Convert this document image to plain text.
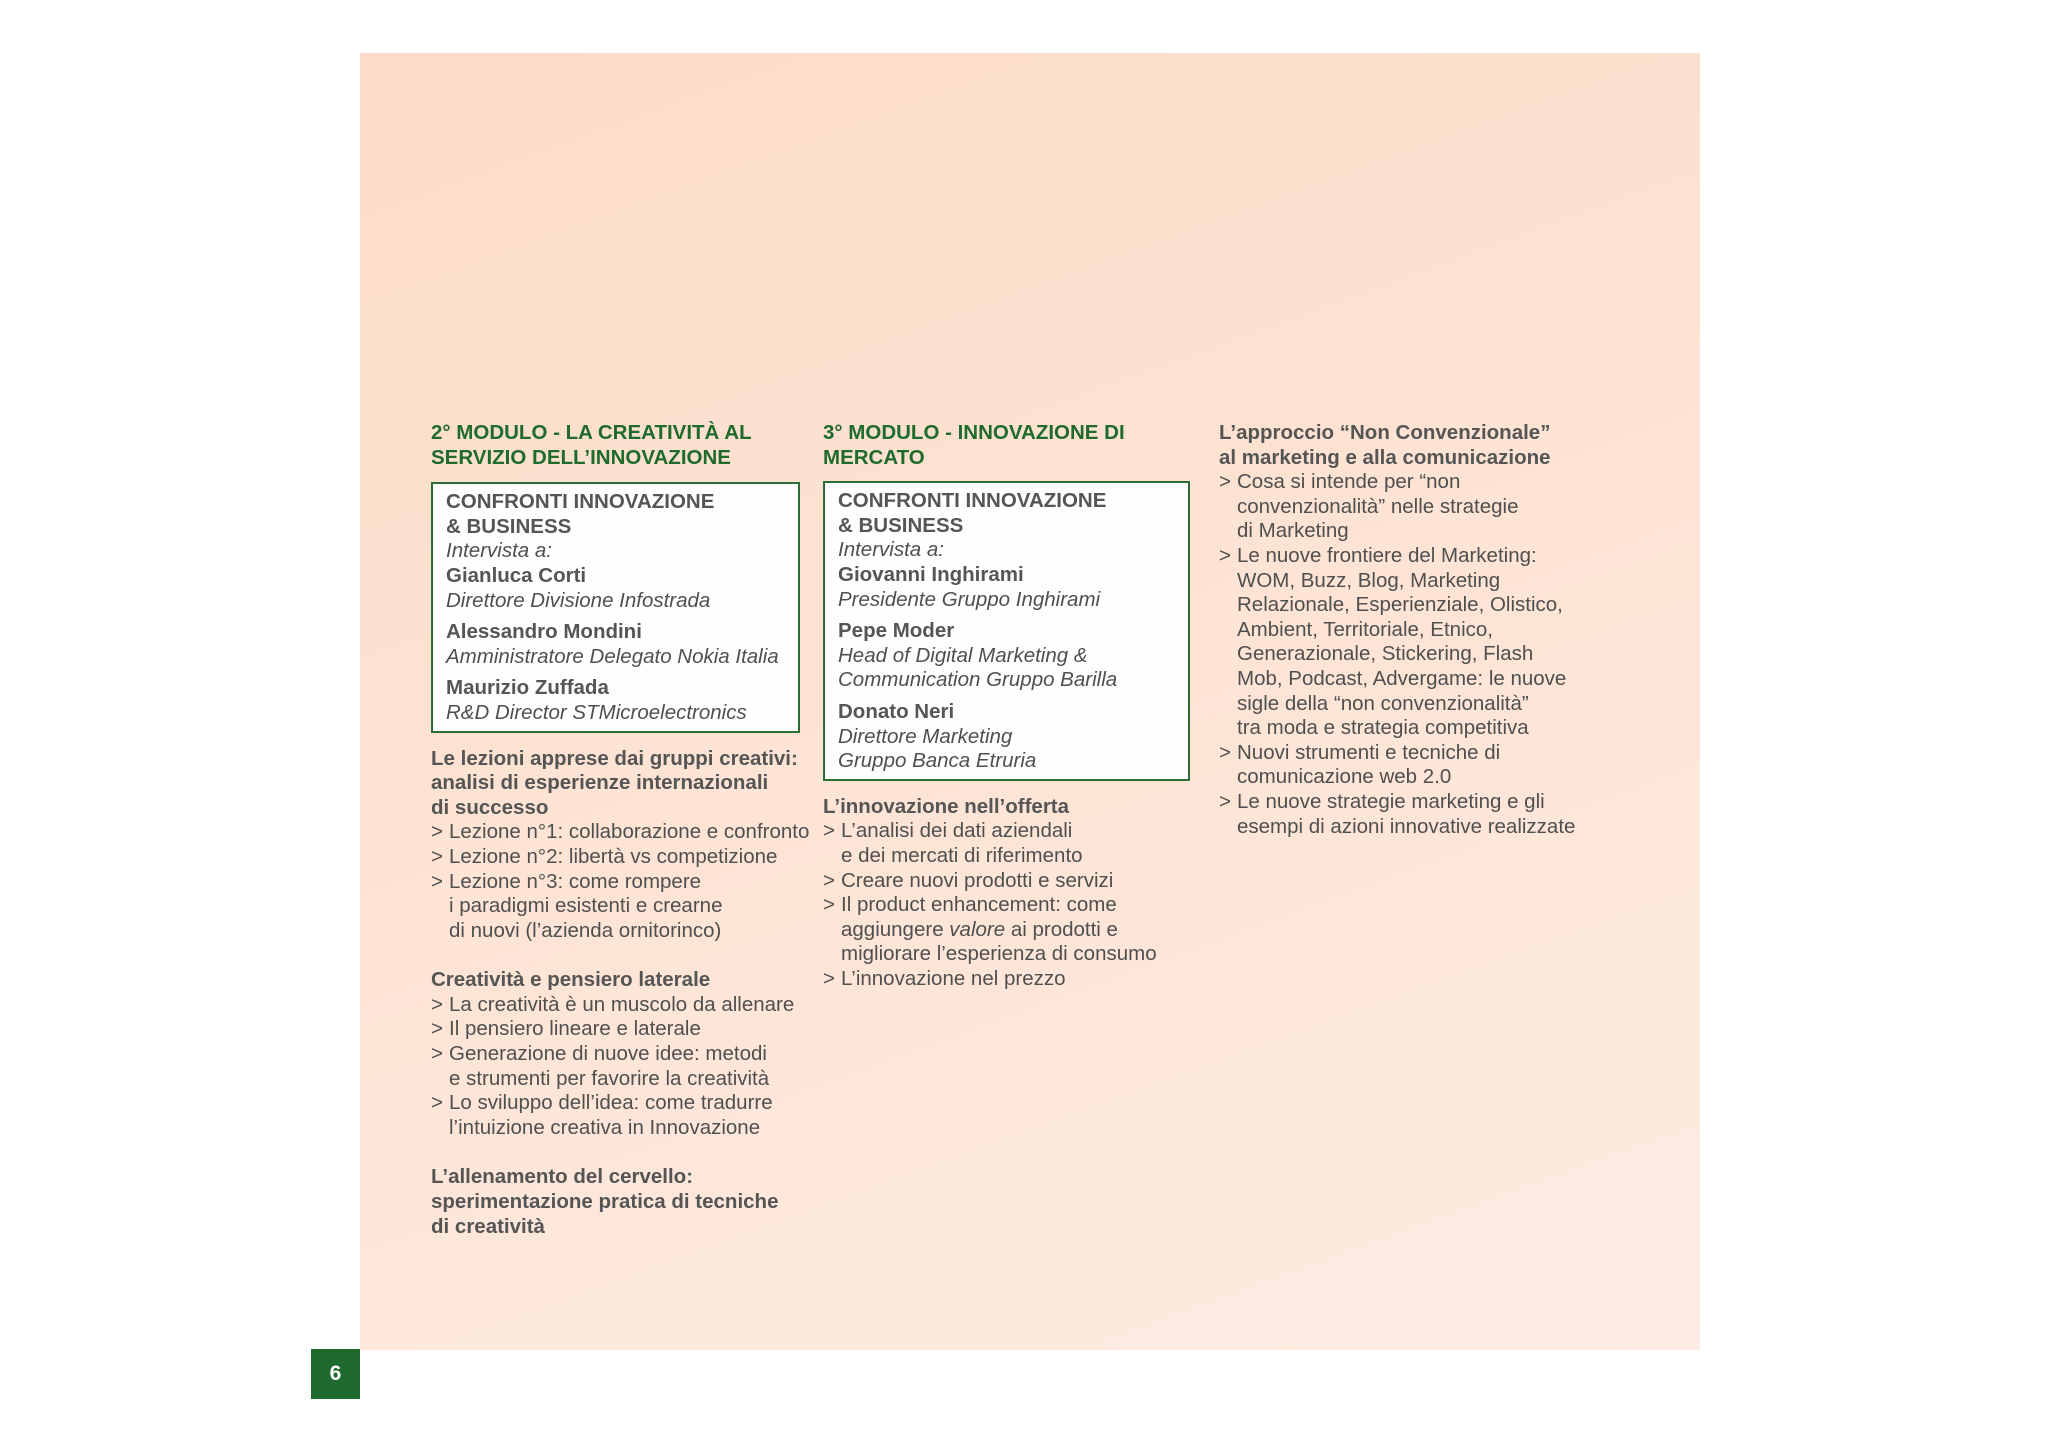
2° MODULO - LA CREATIVITÀ AL
SERVIZIO DELL’INNOVAZIONE
CONFRONTI INNOVAZIONE
& BUSINESS
Intervista a:
Gianluca Corti
Direttore Divisione Infostrada
Alessandro Mondini
Amministratore Delegato Nokia Italia
Maurizio Zuffada
R&D Director STMicroelectronics
Le lezioni apprese dai gruppi creativi:
analisi di esperienze internazionali
di successo
> Lezione n°1: collaborazione e confronto
> Lezione n°2: libertà vs competizione
> Lezione n°3: come rompere
i paradigmi esistenti e crearne
di nuovi (l’azienda ornitorinco)
Creatività e pensiero laterale
> La creatività è un muscolo da allenare
> Il pensiero lineare e laterale
> Generazione di nuove idee: metodi
e strumenti per favorire la creatività
> Lo sviluppo dell’idea: come tradurre
l’intuizione creativa in Innovazione
L’allenamento del cervello:
sperimentazione pratica di tecniche
di creatività
3° MODULO - INNOVAZIONE DI MERCATO
CONFRONTI INNOVAZIONE
& BUSINESS
Intervista a:
Giovanni Inghirami
Presidente Gruppo Inghirami
Pepe Moder
Head of Digital Marketing &
Communication Gruppo Barilla
Donato Neri
Direttore Marketing
Gruppo Banca Etruria
L’innovazione nell’offerta
> L’analisi dei dati aziendali
e dei mercati di riferimento
> Creare nuovi prodotti e servizi
> Il product enhancement: come
aggiungere valore ai prodotti e
migliorare l’esperienza di consumo
> L’innovazione nel prezzo
L’approccio “Non Convenzionale”
al marketing e alla comunicazione
> Cosa si intende per “non
convenzionalità” nelle strategie
di Marketing
> Le nuove frontiere del Marketing:
WOM, Buzz, Blog, Marketing
Relazionale, Esperienziale, Olistico,
Ambient, Territoriale, Etnico,
Generazionale, Stickering, Flash
Mob, Podcast, Advergame: le nuove
sigle della “non convenzionalità”
tra moda e strategia competitiva
> Nuovi strumenti e tecniche di
comunicazione web 2.0
> Le nuove strategie marketing e gli
esempi di azioni innovative realizzate
6
